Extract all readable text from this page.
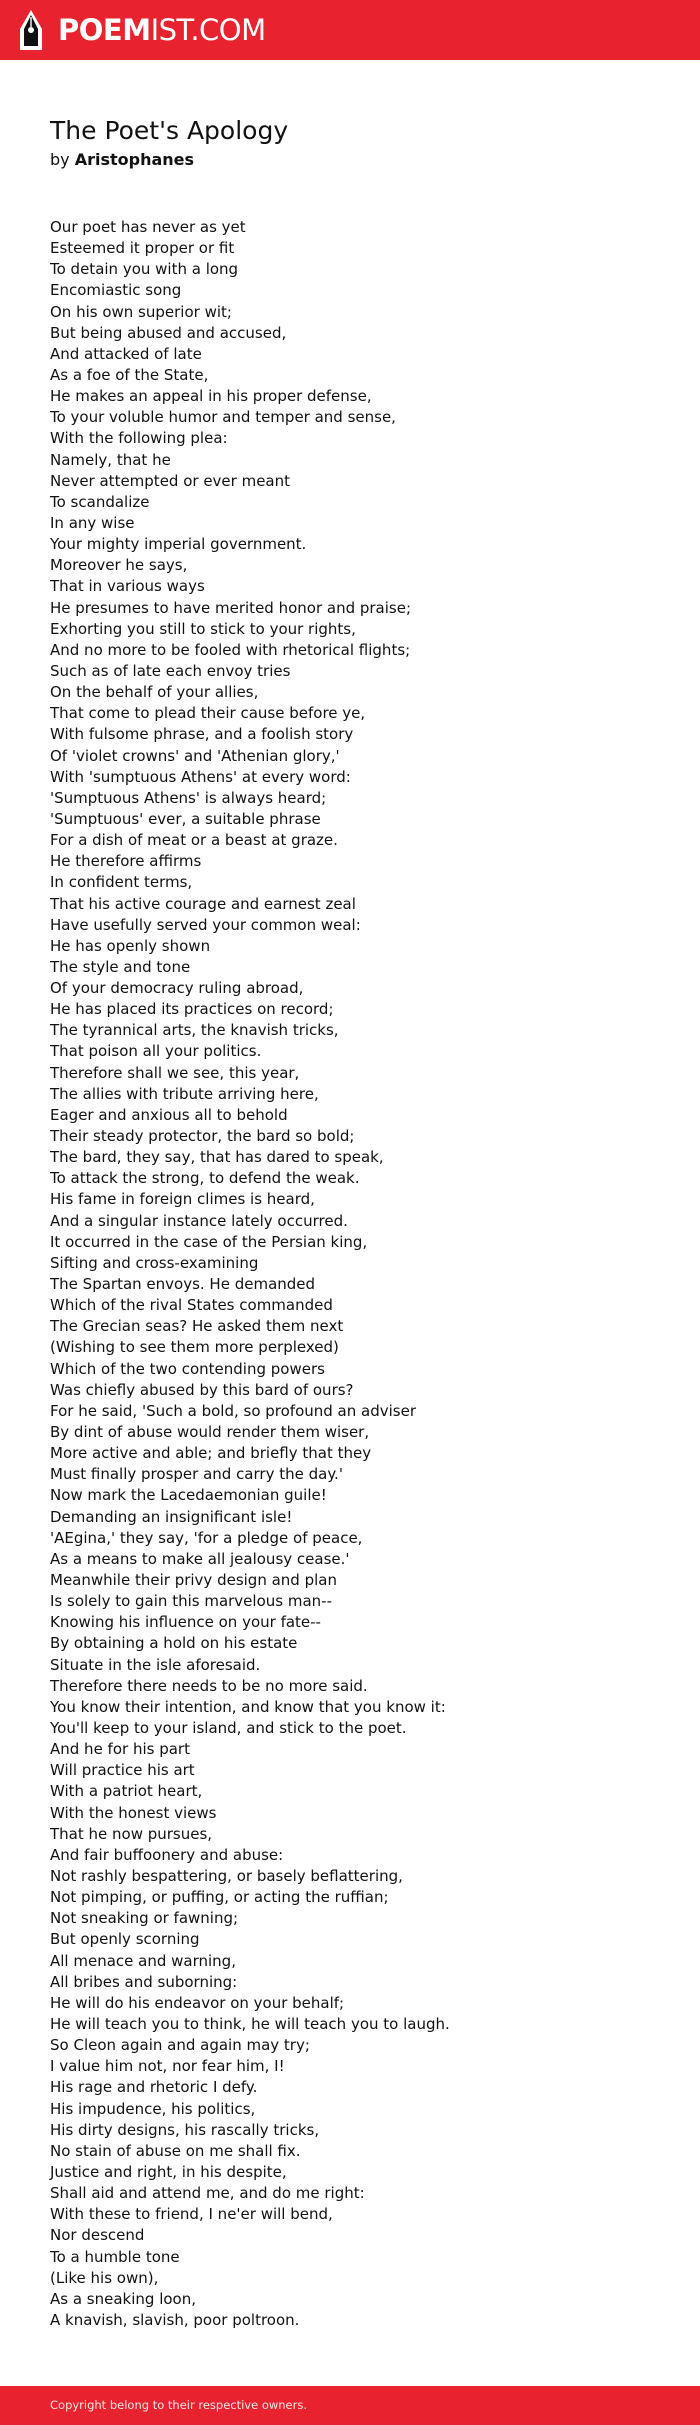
POEMIST.COM
The Poet's Apology
by Aristophanes
Our poet has never as yet
Esteemed it proper or fit
To detain you with a long
Encomiastic song
On his own superior wit;
But being abused and accused,
And attacked of late
As a foe of the State,
He makes an appeal in his proper defense,
To your voluble humor and temper and sense,
With the following plea:
Namely, that he
Never attempted or ever meant
To scandalize
In any wise
Your mighty imperial government.
Moreover he says,
That in various ways
He presumes to have merited honor and praise;
Exhorting you still to stick to your rights,
And no more to be fooled with rhetorical flights;
Such as of late each envoy tries
On the behalf of your allies,
That come to plead their cause before ye,
With fulsome phrase, and a foolish story
Of 'violet crowns' and 'Athenian glory,'
With 'sumptuous Athens' at every word:
'Sumptuous Athens' is always heard;
'Sumptuous' ever, a suitable phrase
For a dish of meat or a beast at graze.
He therefore affirms
In confident terms,
That his active courage and earnest zeal
Have usefully served your common weal:
He has openly shown
The style and tone
Of your democracy ruling abroad,
He has placed its practices on record;
The tyrannical arts, the knavish tricks,
That poison all your politics.
Therefore shall we see, this year,
The allies with tribute arriving here,
Eager and anxious all to behold
Their steady protector, the bard so bold;
The bard, they say, that has dared to speak,
To attack the strong, to defend the weak.
His fame in foreign climes is heard,
And a singular instance lately occurred.
It occurred in the case of the Persian king,
Sifting and cross-examining
The Spartan envoys. He demanded
Which of the rival States commanded
The Grecian seas? He asked them next
(Wishing to see them more perplexed)
Which of the two contending powers
Was chiefly abused by this bard of ours?
For he said, 'Such a bold, so profound an adviser
By dint of abuse would render them wiser,
More active and able; and briefly that they
Must finally prosper and carry the day.'
Now mark the Lacedaemonian guile!
Demanding an insignificant isle!
'AEgina,' they say, 'for a pledge of peace,
As a means to make all jealousy cease.'
Meanwhile their privy design and plan
Is solely to gain this marvelous man--
Knowing his influence on your fate--
By obtaining a hold on his estate
Situate in the isle aforesaid.
Therefore there needs to be no more said.
You know their intention, and know that you know it:
You'll keep to your island, and stick to the poet.
And he for his part
Will practice his art
With a patriot heart,
With the honest views
That he now pursues,
And fair buffoonery and abuse:
Not rashly bespattering, or basely beflattering,
Not pimping, or puffing, or acting the ruffian;
Not sneaking or fawning;
But openly scorning
All menace and warning,
All bribes and suborning:
He will do his endeavor on your behalf;
He will teach you to think, he will teach you to laugh.
So Cleon again and again may try;
I value him not, nor fear him, I!
His rage and rhetoric I defy.
His impudence, his politics,
His dirty designs, his rascally tricks,
No stain of abuse on me shall fix.
Justice and right, in his despite,
Shall aid and attend me, and do me right:
With these to friend, I ne'er will bend,
Nor descend
To a humble tone
(Like his own),
As a sneaking loon,
A knavish, slavish, poor poltroon.
Copyright belong to their respective owners.
